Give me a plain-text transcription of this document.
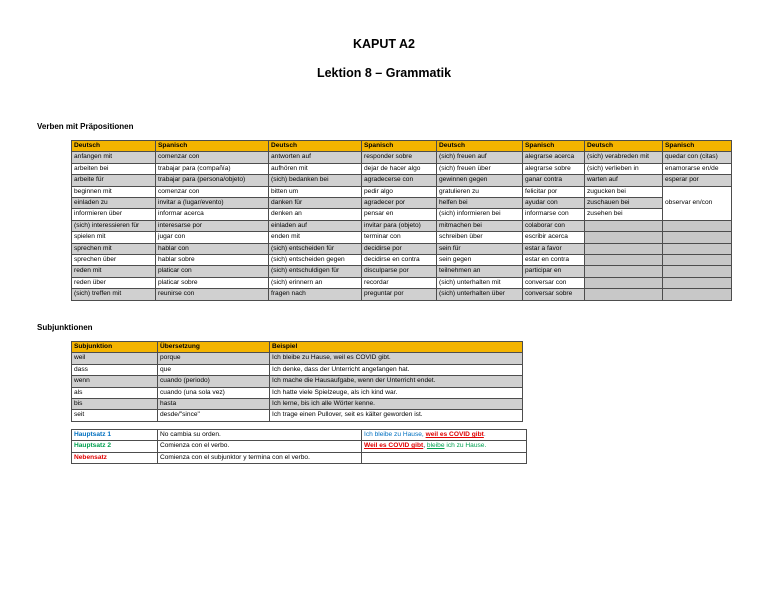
KAPUT A2
Lektion 8 – Grammatik
Verben mit Präpositionen
Deutsch	Spanisch	Deutsch	Spanisch	Deutsch	Spanisch	Deutsch	Spanisch
anfangen mit	comenzar con	antworten auf	responder sobre	(sich) freuen auf	alegrarse acerca	(sich) verabreden mit	quedar con (citas)
arbeiten bei	trabajar para (compañía)	aufhören mit	dejar de hacer algo	(sich) freuen über	alegrarse sobre	(sich) verlieben in	enamorarse en/de
arbeite für	trabajar para (persona/objeto)	(sich) bedanken bei	agradecerse con	gewinnen gegen	ganar contra	warten auf	esperar por
beginnen mit	comenzar con	bitten um	pedir algo	gratulieren zu	felicitar por	zugucken bei	observar en/con
einladen zu	invitar a (lugar/evento)	danken für	agradecer por	helfen bei	ayudar con	zuschauen bei	
informieren über	informar acerca	denken an	pensar en	(sich) informieren bei	informarse con	zusehen bei	
(sich) interessieren für	interesarse por	einladen auf	invitar para (objeto)	mitmachen bei	colaborar con		
spielen mit	jugar con	enden mit	terminar con	schreiben über	escribir acerca		
sprechen mit	hablar con	(sich) entscheiden für	decidirse por	sein für	estar a favor		
sprechen über	hablar sobre	(sich) entscheiden gegen	decidirse en contra	sein gegen	estar en contra		
reden mit	platicar con	(sich) entschuldigen für	disculparse por	teilnehmen an	participar en		
reden über	platicar sobre	(sich) erinnern an	recordar	(sich) unterhalten mit	conversar con		
(sich) treffen mit	reunirse con	fragen nach	preguntar por	(sich) unterhalten über	conversar sobre		
Subjunktionen
Subjunktion	Übersetzung	Beispiel
weil	porque	Ich bleibe zu Hause, weil es COVID gibt.
dass	que	Ich denke, dass der Unterricht angefangen hat.
wenn	cuando (periodo)	Ich mache die Hausaufgabe, wenn der Unterricht endet.
als	cuando (una sola vez)	Ich hatte viele Spielzeuge, als ich kind war.
bis	hasta	Ich lerne, bis ich alle Wörter kenne.
seit	desde/"since"	Ich trage einen Pullover, seit es kälter geworden ist.
Hauptsatz 1	No cambia su orden.	Ich bleibe zu Hause, weil es COVID gibt.
Hauptsatz 2	Comienza con el verbo.	Weil es COVID gibt, bleibe ich zu Hause.
Nebensatz	Comienza con el subjunktor y termina con el verbo.	
